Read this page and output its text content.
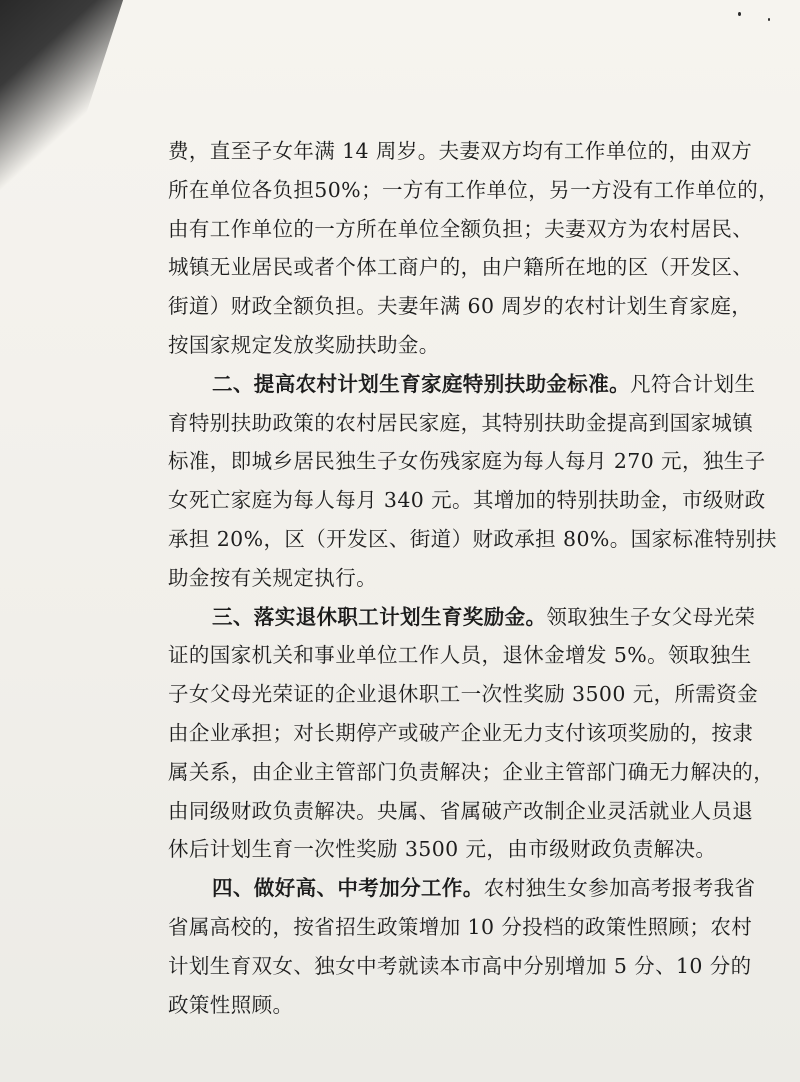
费，直至子女年满 14 周岁。夫妻双方均有工作单位的，由双方
所在单位各负担50%；一方有工作单位，另一方没有工作单位的，
由有工作单位的一方所在单位全额负担；夫妻双方为农村居民、
城镇无业居民或者个体工商户的，由户籍所在地的区（开发区、
街道）财政全额负担。夫妻年满 60 周岁的农村计划生育家庭，
按国家规定发放奖励扶助金。
二、提高农村计划生育家庭特别扶助金标准。凡符合计划生
育特别扶助政策的农村居民家庭，其特别扶助金提高到国家城镇
标准，即城乡居民独生子女伤残家庭为每人每月 270 元，独生子
女死亡家庭为每人每月 340 元。其增加的特别扶助金，市级财政
承担 20%，区（开发区、街道）财政承担 80%。国家标准特别扶
助金按有关规定执行。
三、落实退休职工计划生育奖励金。领取独生子女父母光荣
证的国家机关和事业单位工作人员，退休金增发 5%。领取独生
子女父母光荣证的企业退休职工一次性奖励 3500 元，所需资金
由企业承担；对长期停产或破产企业无力支付该项奖励的，按隶
属关系，由企业主管部门负责解决；企业主管部门确无力解决的，
由同级财政负责解决。央属、省属破产改制企业灵活就业人员退
休后计划生育一次性奖励 3500 元，由市级财政负责解决。
四、做好高、中考加分工作。农村独生女参加高考报考我省
省属高校的，按省招生政策增加 10 分投档的政策性照顾；农村
计划生育双女、独女中考就读本市高中分别增加 5 分、10 分的
政策性照顾。
